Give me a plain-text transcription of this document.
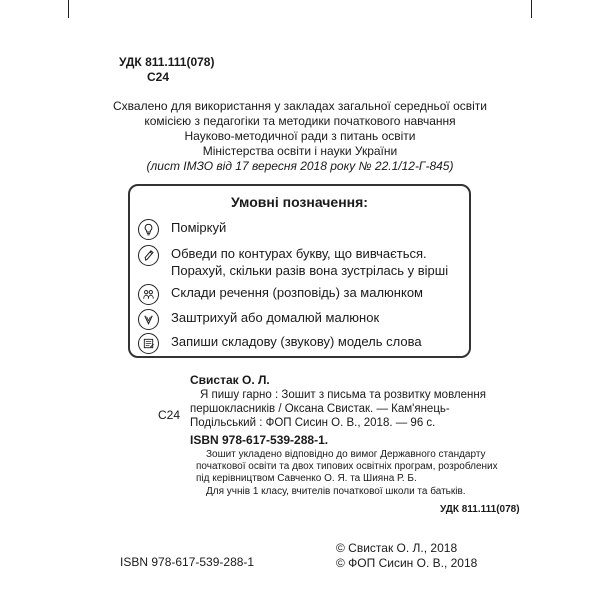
УДК 811.111(078)
С24
Схвалено для використання у закладах загальної середньої освіти
комісією з педагогіки та методики початкового навчання
Науково-методичної ради з питань освіти
Міністерства освіти і науки України
(лист ІМЗО від 17 вересня 2018 року № 22.1/12-Г-845)
Умовні позначення:
Поміркуй
Обведи по контурах букву, що вивчається.
Порахуй, скільки разів вона зустрілась у вірші
Склади речення (розповідь) за малюнком
Заштрихуй або домалюй малюнок
Запиши складову (звукову) модель слова
Свистак О. Л.
С24
Я пишу гарно : Зошит з письма та розвитку мовлення першокласників / Оксана Свистак. — Кам'янець-Подільський : ФОП Сисин О. В., 2018. — 96 с.
ISBN 978-617-539-288-1.
Зошит укладено відповідно до вимог Державного стандарту початкової освіти та двох типових освітніх програм, розроблених під керівництвом Савченко О. Я. та Шияна Р. Б.
Для учнів 1 класу, вчителів початкової школи та батьків.
УДК 811.111(078)
ISBN 978-617-539-288-1
© Свистак О. Л., 2018
© ФОП Сисин О. В., 2018
